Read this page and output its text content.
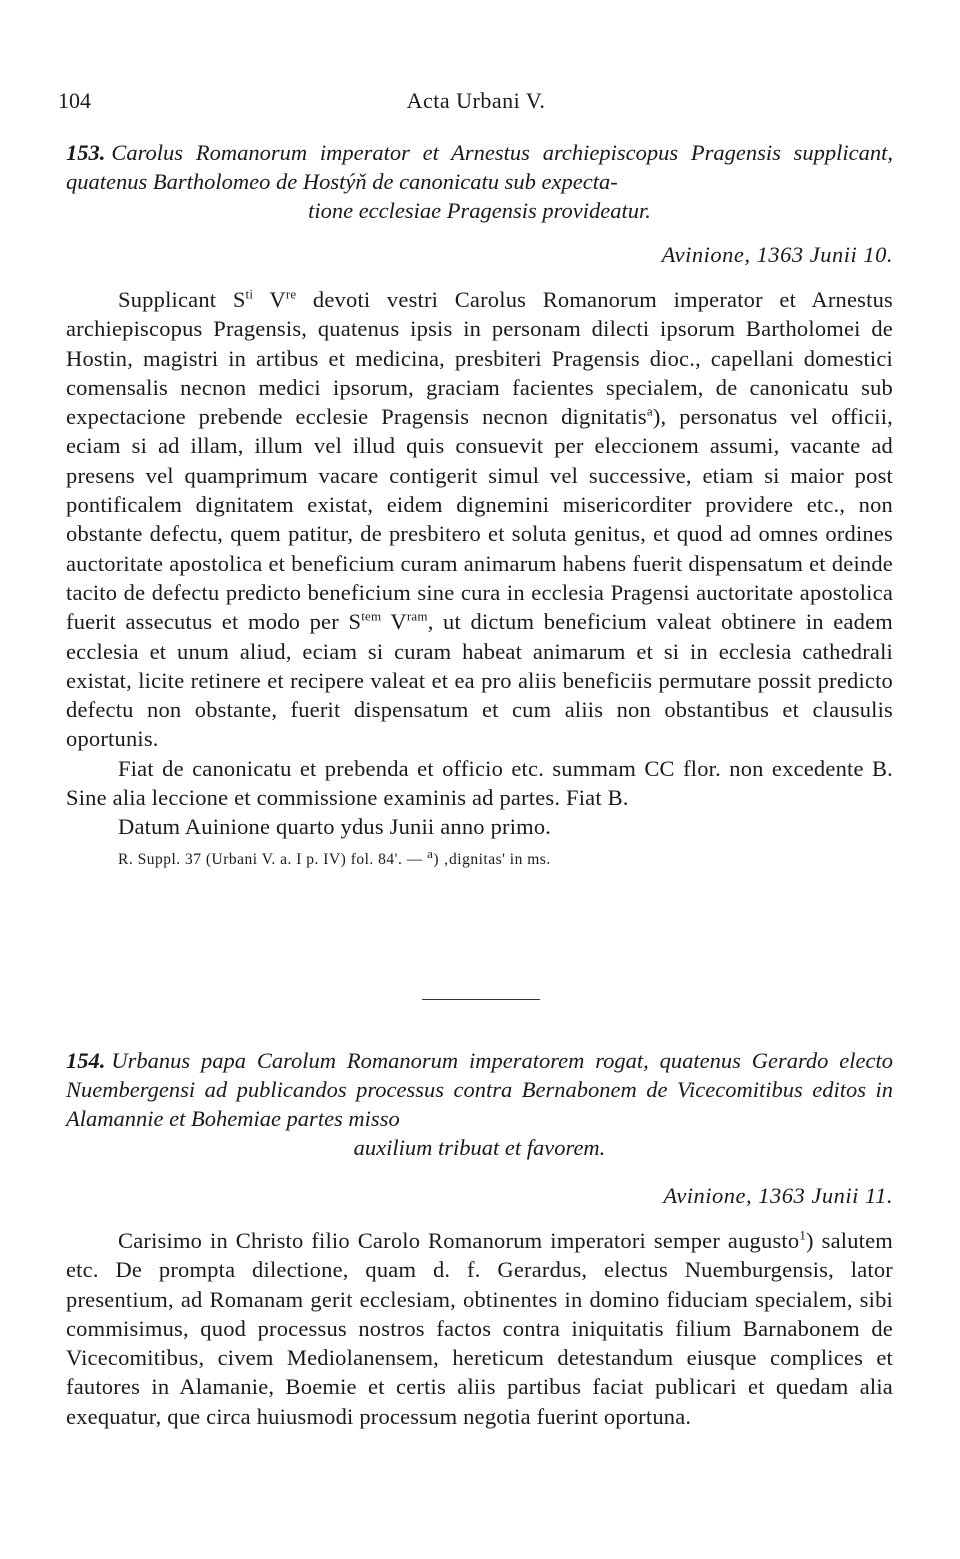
104	Acta Urbani V.
153. Carolus Romanorum imperator et Arnestus archiepiscopus Pragensis supplicant, quatenus Bartholomeo de Hostýň de canonicatu sub expecta-
tione ecclesiae Pragensis provideatur.
Avinione, 1363 Junii 10.

Supplicant $S^{ti}$ Vre devoti vestri Carolus Romanorum imperator et Arnestus archiepiscopus Pragensis, quatenus ipsis in personam dilecti ipsorum Bartholomei de Hostin, magistri in artibus et medicina, presbiteri Pragensis dioc., capellani domestici comensalis necnon medici ipsorum, graciam facientes specialem, de canonicatu sub expectacione prebende ecclesie Pragensis necnon dignitatis$^a$), personatus vel officii, eciam si ad illam, illum vel illud quis consuevit per eleccionem assumi, vacante ad presens vel quamprimum vacare contigerit simul vel successive, etiam si maior post pontificalem dignitatem existat, eidem dignemini misericorditer providere etc., non obstante defectu, quem patitur, de presbitero et soluta genitus, et quod ad omnes ordines auctoritate apostolica et beneficium curam animarum habens fuerit dispensatum et deinde tacito de defectu predicto beneficium sine cura in ecclesia Pragensi auctoritate apostolica fuerit assecutus et modo per $S^{tem}$ $V^{ram}$, ut dictum beneficium valeat obtinere in eadem ecclesia et unum aliud, eciam si curam habeat animarum et si in ecclesia cathedrali existat, licite retinere et recipere valeat et ea pro aliis beneficiis permutare possit predicto defectu non obstante, fuerit dispensatum et cum aliis non obstantibus et clausulis oportunis.

Fiat de canonicatu et prebenda et officio etc. summam CC flor. non excedente B. Sine alia leccione et commissione examinis ad partes. Fiat B.

Datum Auinione quarto ydus Junii anno primo.

R. Suppl. 37 (Urbani V. a. I p. IV) fol. 84'. — $^a$) ‚dignitas' in ms.
154. Urbanus papa Carolum Romanorum imperatorem rogat, quatenus Gerardo electo Nuembergensi ad publicandos processus contra Bernabonem de Vicecomitibus editos in Alamannie et Bohemiae partes misso
auxilium tribuat et favorem.
Avinione, 1363 Junii 11.

Carisimo in Christo filio Carolo Romanorum imperatori semper augusto$^1$) salutem etc. De prompta dilectione, quam d. f. Gerardus, electus Nuemburgensis, lator presentium, ad Romanam gerit ecclesiam, obtinentes in domino fiduciam specialem, sibi commisimus, quod processus nostros factos contra iniquitatis filium Barnabonem de Vicecomitibus, civem Mediolanensem, hereticum detestandum eiusque complices et fautores in Alamanie, Boemie et certis aliis partibus faciat publicari et quedam alia exequatur, que circa huiusmodi processum negotia fuerint oportuna.
